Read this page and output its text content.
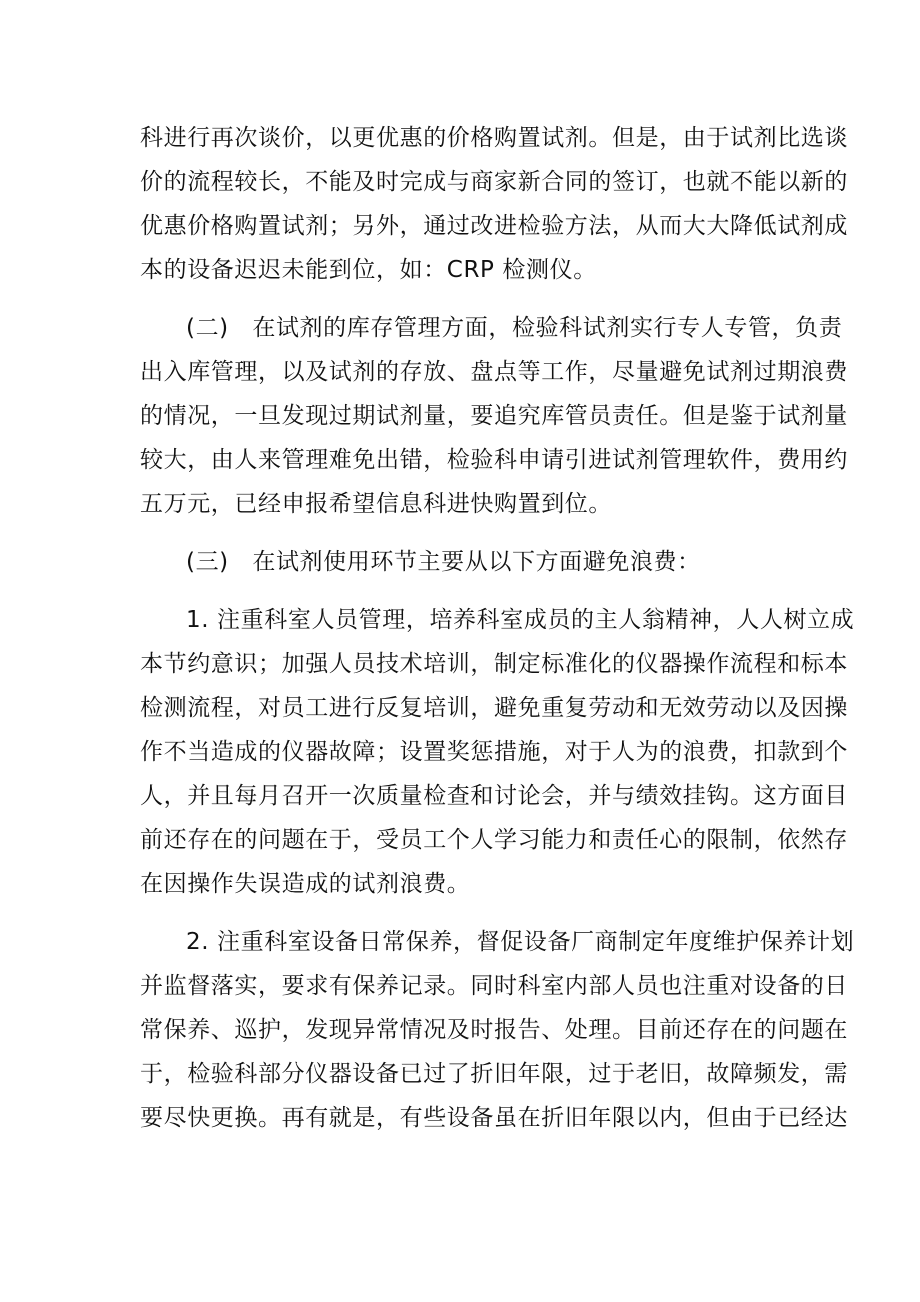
科进行再次谈价，以更优惠的价格购置试剂。但是，由于试剂比选谈
价的流程较长，不能及时完成与商家新合同的签订，也就不能以新的
优惠价格购置试剂；另外，通过改进检验方法，从而大大降低试剂成
本的设备迟迟未能到位，如：CRP 检测仪。
(二)　在试剂的库存管理方面，检验科试剂实行专人专管，负责
出入库管理，以及试剂的存放、盘点等工作，尽量避免试剂过期浪费
的情况，一旦发现过期试剂量，要追究库管员责任。但是鉴于试剂量
较大，由人来管理难免出错，检验科申请引进试剂管理软件，费用约
五万元，已经申报希望信息科进快购置到位。
(三)　在试剂使用环节主要从以下方面避免浪费：
1. 注重科室人员管理，培养科室成员的主人翁精神，人人树立成
本节约意识；加强人员技术培训，制定标准化的仪器操作流程和标本
检测流程，对员工进行反复培训，避免重复劳动和无效劳动以及因操
作不当造成的仪器故障；设置奖惩措施，对于人为的浪费，扣款到个
人，并且每月召开一次质量检查和讨论会，并与绩效挂钩。这方面目
前还存在的问题在于，受员工个人学习能力和责任心的限制，依然存
在因操作失误造成的试剂浪费。
2. 注重科室设备日常保养，督促设备厂商制定年度维护保养计划
并监督落实，要求有保养记录。同时科室内部人员也注重对设备的日
常保养、巡护，发现异常情况及时报告、处理。目前还存在的问题在
于，检验科部分仪器设备已过了折旧年限，过于老旧，故障频发，需
要尽快更换。再有就是，有些设备虽在折旧年限以内，但由于已经达
